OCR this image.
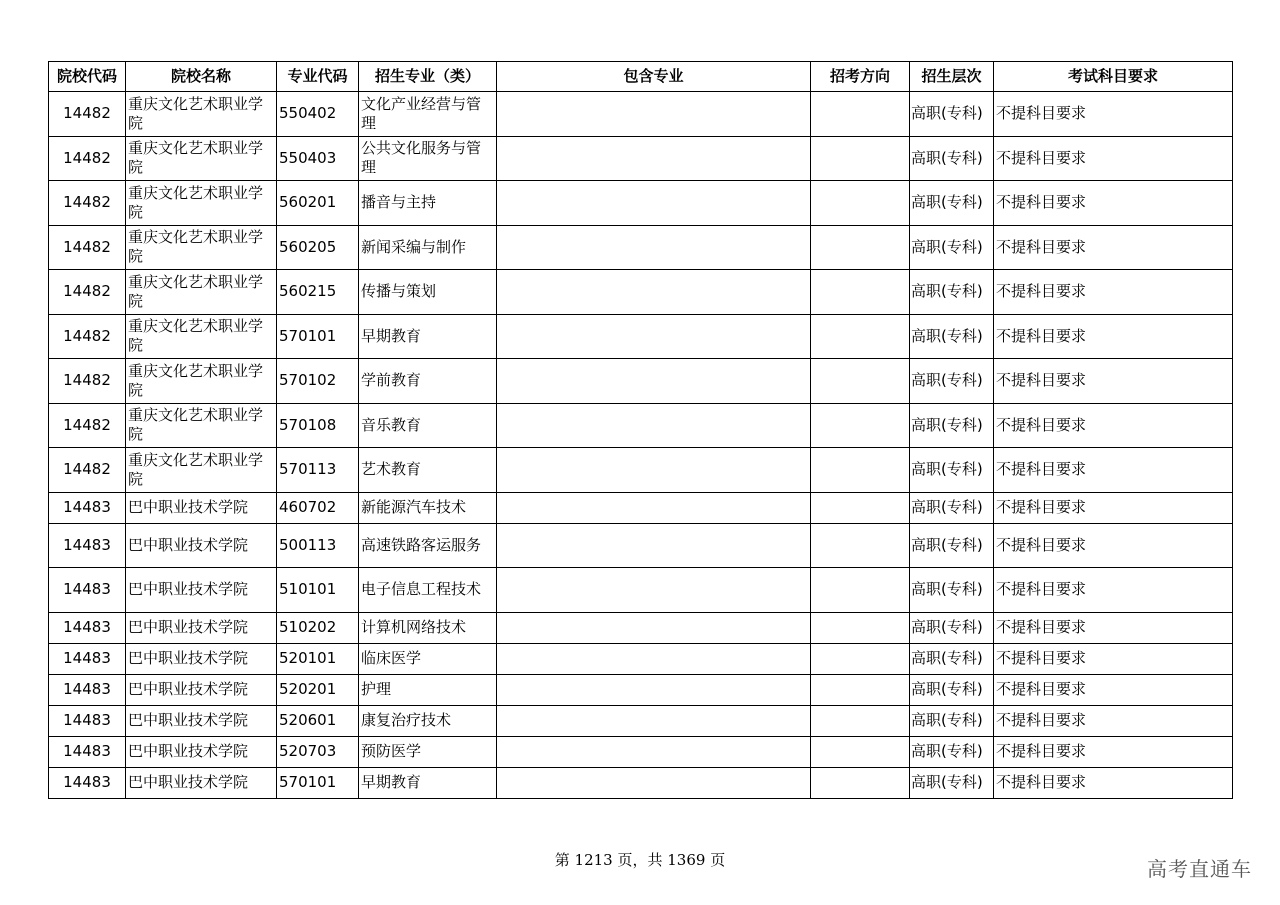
院校代码	院校名称	专业代码	招生专业（类）	包含专业	招考方向	招生层次	考试科目要求
14482	重庆文化艺术职业学院	550402	文化产业经营与管理			高职(专科)	不提科目要求
14482	重庆文化艺术职业学院	550403	公共文化服务与管理			高职(专科)	不提科目要求
14482	重庆文化艺术职业学院	560201	播音与主持			高职(专科)	不提科目要求
14482	重庆文化艺术职业学院	560205	新闻采编与制作			高职(专科)	不提科目要求
14482	重庆文化艺术职业学院	560215	传播与策划			高职(专科)	不提科目要求
14482	重庆文化艺术职业学院	570101	早期教育			高职(专科)	不提科目要求
14482	重庆文化艺术职业学院	570102	学前教育			高职(专科)	不提科目要求
14482	重庆文化艺术职业学院	570108	音乐教育			高职(专科)	不提科目要求
14482	重庆文化艺术职业学院	570113	艺术教育			高职(专科)	不提科目要求
14483	巴中职业技术学院	460702	新能源汽车技术			高职(专科)	不提科目要求
14483	巴中职业技术学院	500113	高速铁路客运服务			高职(专科)	不提科目要求
14483	巴中职业技术学院	510101	电子信息工程技术			高职(专科)	不提科目要求
14483	巴中职业技术学院	510202	计算机网络技术			高职(专科)	不提科目要求
14483	巴中职业技术学院	520101	临床医学			高职(专科)	不提科目要求
14483	巴中职业技术学院	520201	护理			高职(专科)	不提科目要求
14483	巴中职业技术学院	520601	康复治疗技术			高职(专科)	不提科目要求
14483	巴中职业技术学院	520703	预防医学			高职(专科)	不提科目要求
14483	巴中职业技术学院	570101	早期教育			高职(专科)	不提科目要求
第 1213 页，共 1369 页	高考直通车
